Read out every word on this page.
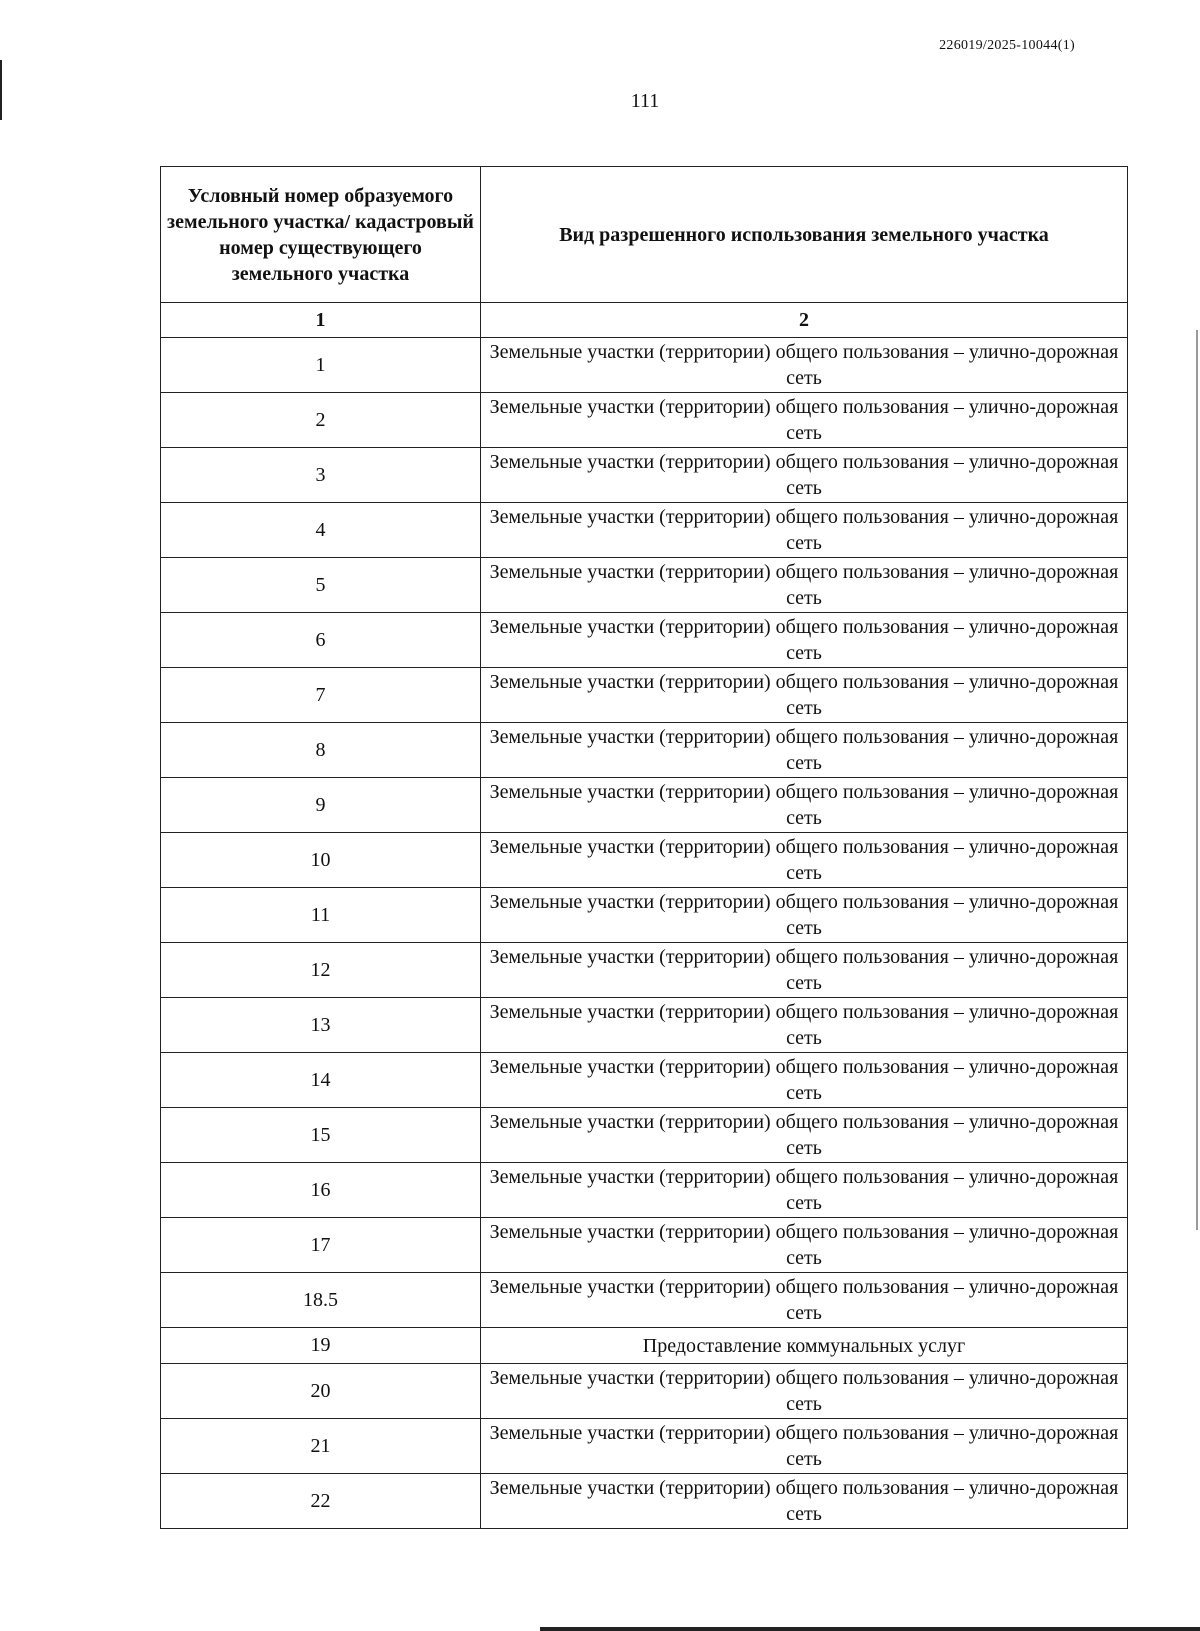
226019/2025-10044(1)
111
Условный номер образуемого земельного участка/ кадастровый номер существующего земельного участка	Вид разрешенного использования земельного участка
1	2
1	Земельные участки (территории) общего пользования – улично-дорожная сеть
2	Земельные участки (территории) общего пользования – улично-дорожная сеть
3	Земельные участки (территории) общего пользования – улично-дорожная сеть
4	Земельные участки (территории) общего пользования – улично-дорожная сеть
5	Земельные участки (территории) общего пользования – улично-дорожная сеть
6	Земельные участки (территории) общего пользования – улично-дорожная сеть
7	Земельные участки (территории) общего пользования – улично-дорожная сеть
8	Земельные участки (территории) общего пользования – улично-дорожная сеть
9	Земельные участки (территории) общего пользования – улично-дорожная сеть
10	Земельные участки (территории) общего пользования – улично-дорожная сеть
11	Земельные участки (территории) общего пользования – улично-дорожная сеть
12	Земельные участки (территории) общего пользования – улично-дорожная сеть
13	Земельные участки (территории) общего пользования – улично-дорожная сеть
14	Земельные участки (территории) общего пользования – улично-дорожная сеть
15	Земельные участки (территории) общего пользования – улично-дорожная сеть
16	Земельные участки (территории) общего пользования – улично-дорожная сеть
17	Земельные участки (территории) общего пользования – улично-дорожная сеть
18.5	Земельные участки (территории) общего пользования – улично-дорожная сеть
19	Предоставление коммунальных услуг
20	Земельные участки (территории) общего пользования – улично-дорожная сеть
21	Земельные участки (территории) общего пользования – улично-дорожная сеть
22	Земельные участки (территории) общего пользования – улично-дорожная сеть
